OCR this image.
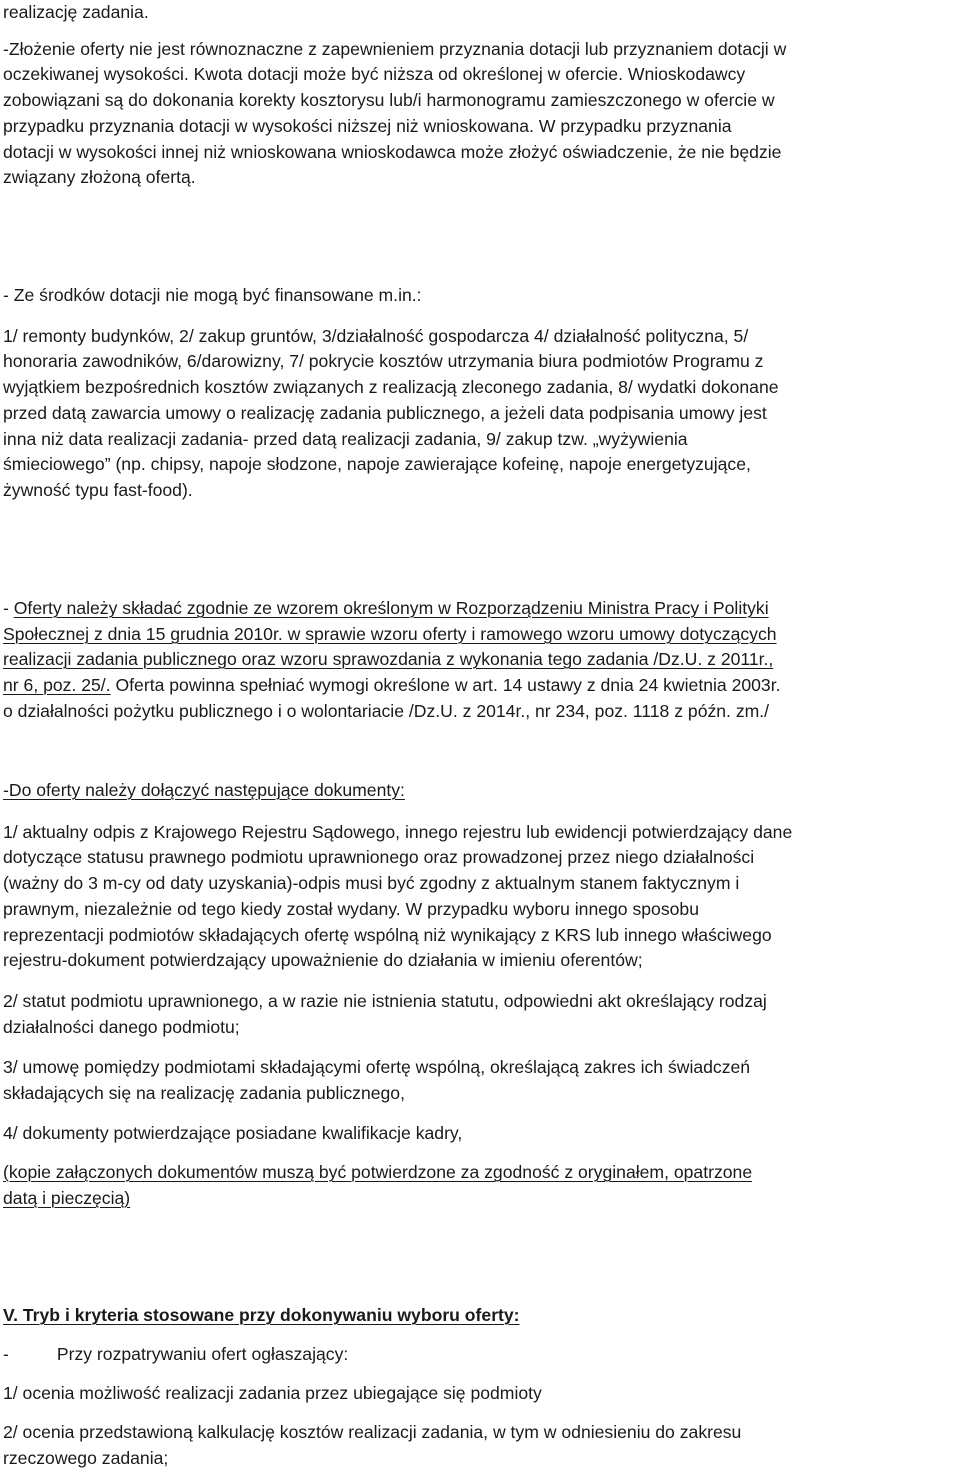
realizację zadania.
-Złożenie oferty nie jest równoznaczne z zapewnieniem przyznania dotacji lub przyznaniem dotacji w
oczekiwanej wysokości. Kwota dotacji może być niższa od określonej w ofercie. Wnioskodawcy
zobowiązani są do dokonania korekty kosztorysu lub/i harmonogramu zamieszczonego w ofercie w
przypadku przyznania dotacji w wysokości niższej niż wnioskowana. W przypadku przyznania
dotacji w wysokości innej niż wnioskowana wnioskodawca może złożyć oświadczenie, że nie będzie
związany złożoną ofertą.
- Ze środków dotacji nie mogą być finansowane m.in.:
1/ remonty budynków, 2/ zakup gruntów, 3/działalność gospodarcza 4/ działalność polityczna, 5/
honoraria zawodników, 6/darowizny, 7/ pokrycie kosztów utrzymania biura podmiotów Programu z
wyjątkiem bezpośrednich kosztów związanych z realizacją zleconego zadania, 8/ wydatki dokonane
przed datą zawarcia umowy o realizację zadania publicznego, a jeżeli data podpisania umowy jest
inna niż data realizacji zadania- przed datą realizacji zadania, 9/ zakup tzw. „wyżywienia
śmieciowego” (np. chipsy, napoje słodzone, napoje zawierające kofeinę, napoje energetyzujące,
żywność typu fast-food).
- Oferty należy składać zgodnie ze wzorem określonym w Rozporządzeniu Ministra Pracy i Polityki
Społecznej z dnia 15 grudnia 2010r. w sprawie wzoru oferty i ramowego wzoru umowy dotyczących
realizacji zadania publicznego oraz wzoru sprawozdania z wykonania tego zadania /Dz.U. z 2011r.,
nr 6, poz. 25/. Oferta powinna spełniać wymogi określone w art. 14 ustawy z dnia 24 kwietnia 2003r.
o działalności pożytku publicznego i o wolontariacie /Dz.U. z 2014r., nr 234, poz. 1118 z późn. zm./
-Do oferty należy dołączyć następujące dokumenty:
1/ aktualny odpis z Krajowego Rejestru Sądowego, innego rejestru lub ewidencji potwierdzający dane
dotyczące statusu prawnego podmiotu uprawnionego oraz prowadzonej przez niego działalności
(ważny do 3 m-cy od daty uzyskania)-odpis musi być zgodny z aktualnym stanem faktycznym i
prawnym, niezależnie od tego kiedy został wydany. W przypadku wyboru innego sposobu
reprezentacji podmiotów składających ofertę wspólną niż wynikający z KRS lub innego właściwego
rejestru-dokument potwierdzający upoważnienie do działania w imieniu oferentów;
2/ statut podmiotu uprawnionego, a w razie nie istnienia statutu, odpowiedni akt określający rodzaj
działalności danego podmiotu;
3/ umowę pomiędzy podmiotami składającymi ofertę wspólną, określającą zakres ich świadczeń
składających się na realizację zadania publicznego,
4/ dokumenty potwierdzające posiadane kwalifikacje kadry,
(kopie załączonych dokumentów muszą być potwierdzone za zgodność z oryginałem, opatrzone
datą i pieczęcią)
V. Tryb i kryteria stosowane przy dokonywaniu wyboru oferty:
-	Przy rozpatrywaniu ofert ogłaszający:
1/ ocenia możliwość realizacji zadania przez ubiegające się podmioty
2/ ocenia przedstawioną kalkulację kosztów realizacji zadania, w tym w odniesieniu do zakresu
rzeczowego zadania;
